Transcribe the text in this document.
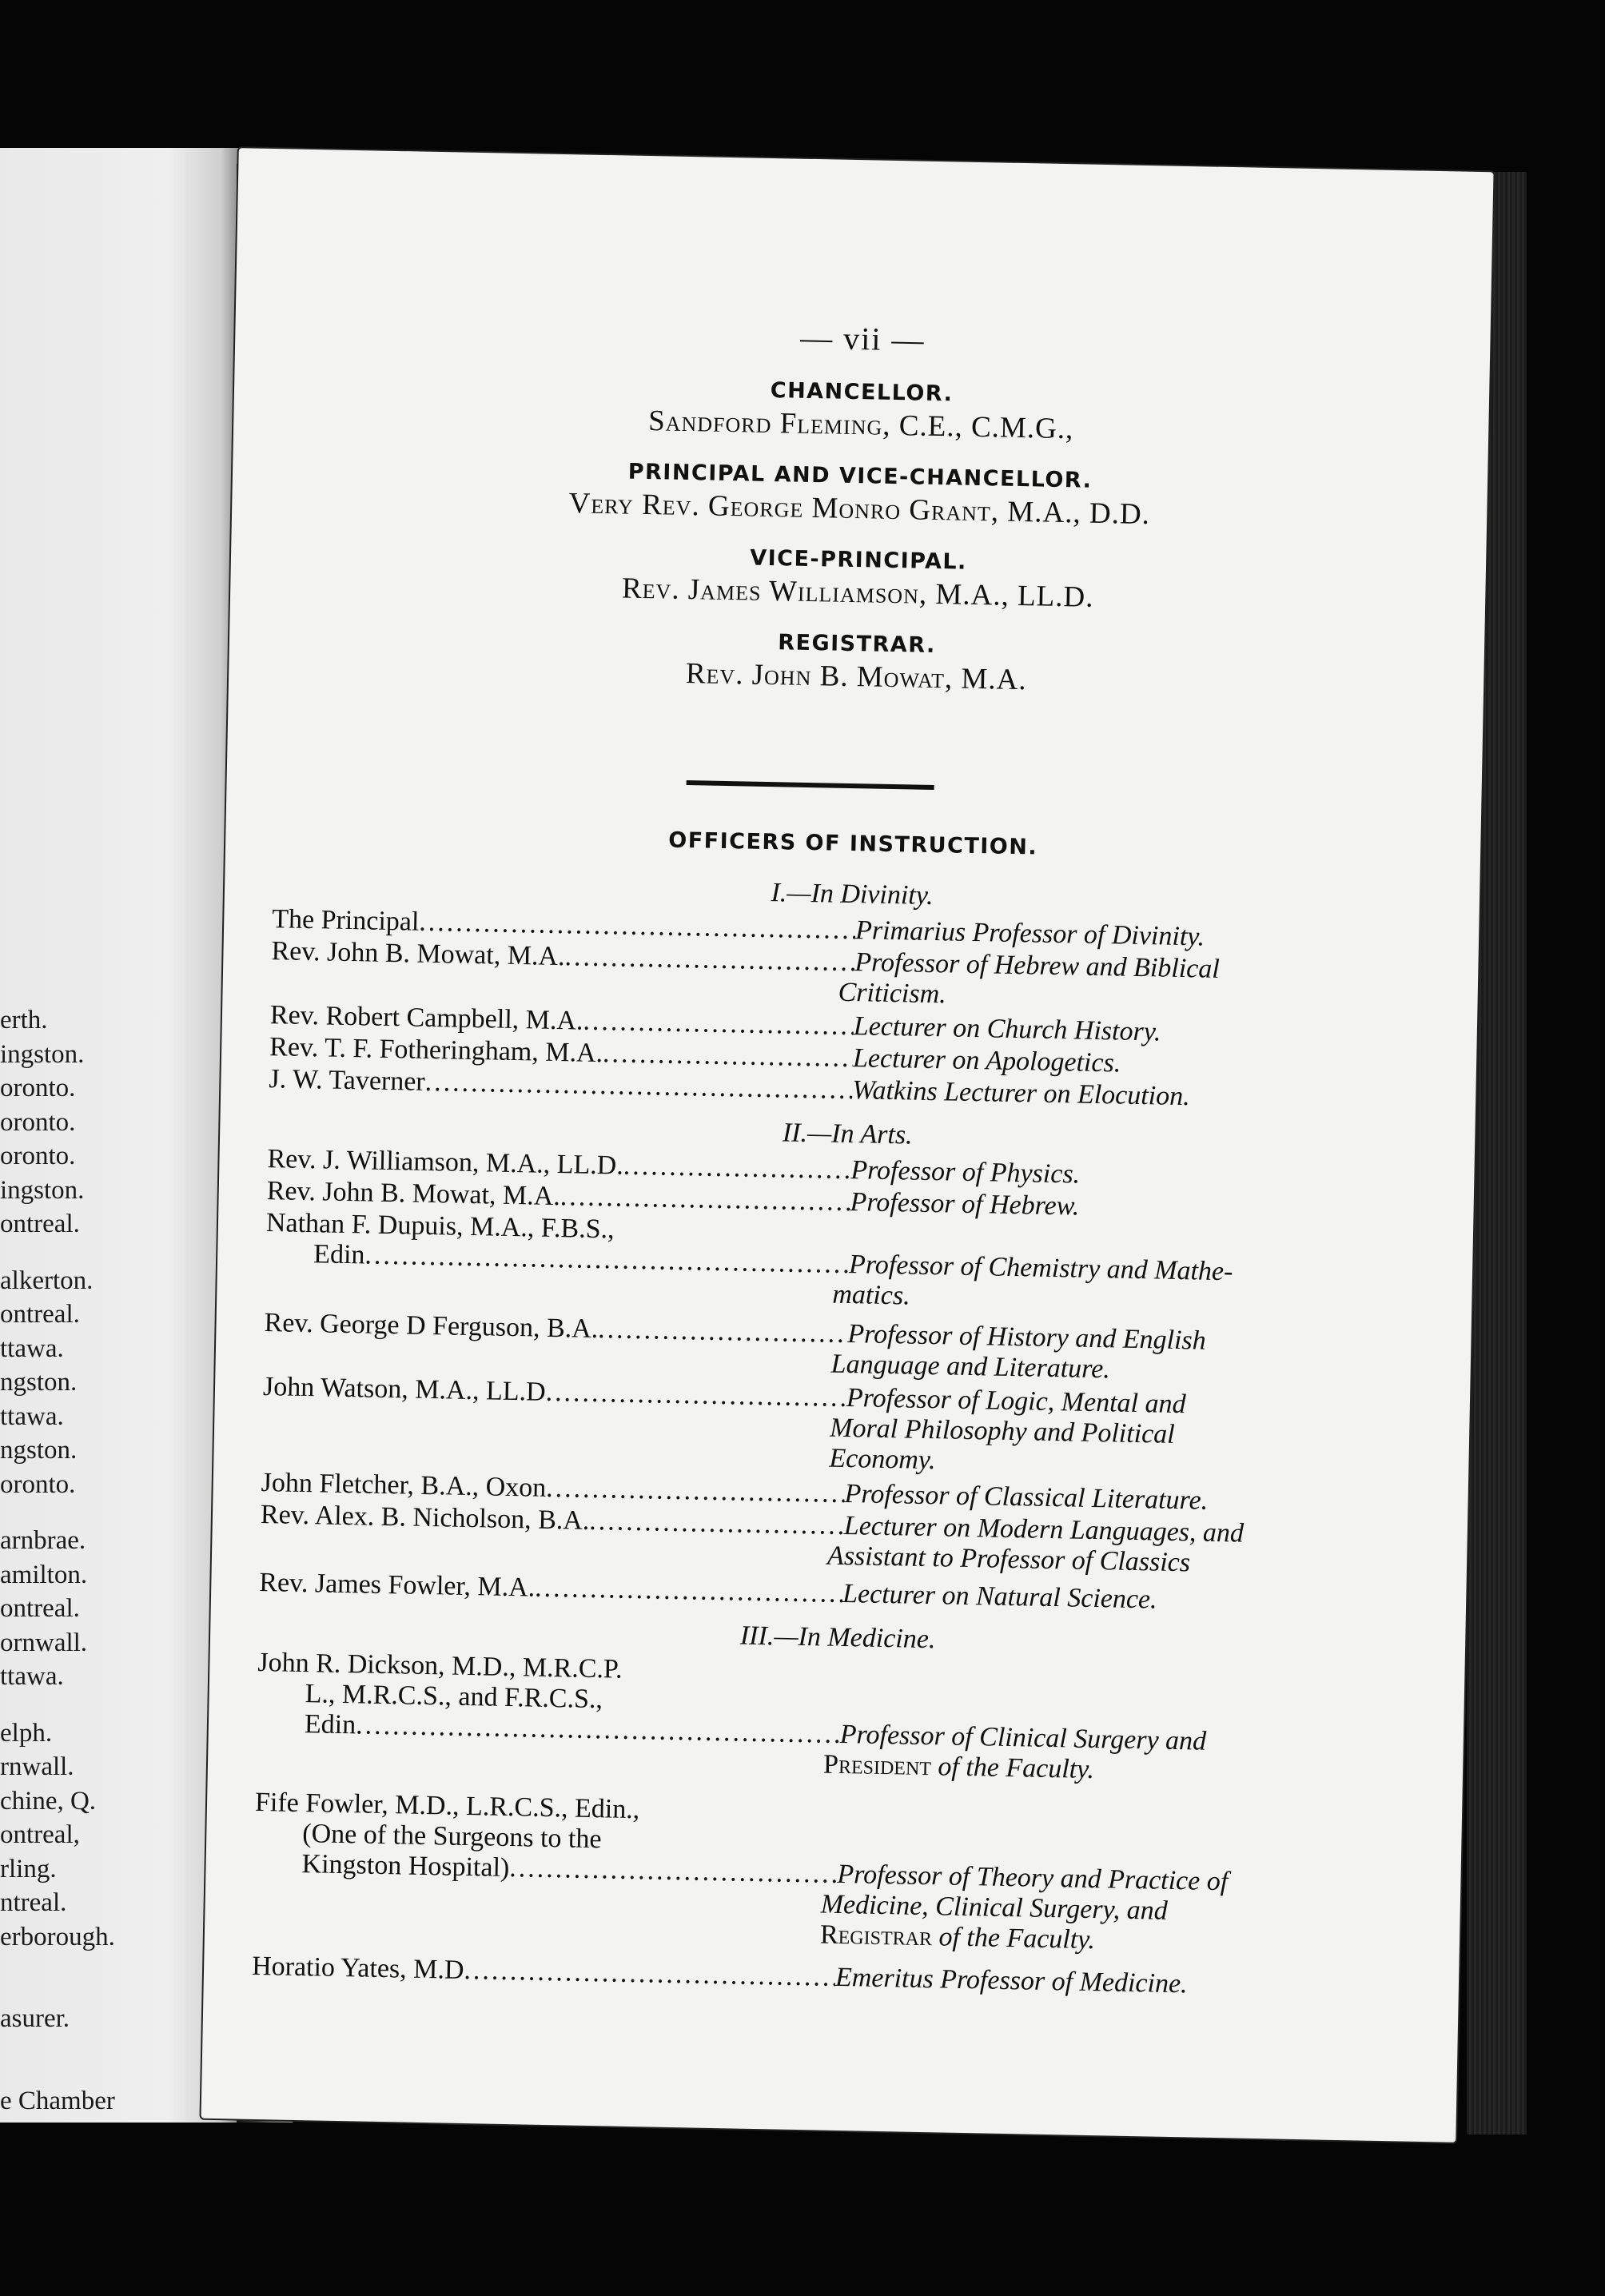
erth.
ingston.
oronto.
oronto.
oronto.
ingston.
ontreal.
alkerton.
ontreal.
ttawa.
ngston.
ttawa.
ngston.
oronto.
arnbrae.
amilton.
ontreal.
ornwall.
ttawa.
elph.
rnwall.
chine, Q.
ontreal,
rling.
ntreal.
erborough.
asurer.
e Chamber
— vii —
CHANCELLOR.
Sandford Fleming, C.E., C.M.G.,
PRINCIPAL AND VICE-CHANCELLOR.
Very Rev. George Monro Grant, M.A., D.D.
VICE-PRINCIPAL.
Rev. James Williamson, M.A., LL.D.
REGISTRAR.
Rev. John B. Mowat, M.A.
OFFICERS OF INSTRUCTION.
I.—In Divinity.
The Principal .....	Primarius Professor of Divinity.
Rev. John B. Mowat, M.A. .....	Professor of Hebrew and Biblical
Criticism.
Rev. Robert Campbell, M.A. .....	Lecturer on Church History.
Rev. T. F. Fotheringham, M.A. .....	Lecturer on Apologetics.
J. W. Taverner .....	Watkins Lecturer on Elocution.
II.—In Arts.
Rev. J. Williamson, M.A., LL.D. .....	Professor of Physics.
Rev. John B. Mowat, M.A. .....	Professor of Hebrew.
Nathan F. Dupuis, M.A., F.B.S.,
Edin .....	Professor of Chemistry and Mathe-
matics.
Rev. George D Ferguson, B.A. .....	Professor of History and English
Language and Literature.
John Watson, M.A., LL.D .....	Professor of Logic, Mental and
Moral Philosophy and Political
Economy.
John Fletcher, B.A., Oxon .....	Professor of Classical Literature.
Rev. Alex. B. Nicholson, B.A. .....	Lecturer on Modern Languages, and
Assistant to Professor of Classics
Rev. James Fowler, M.A. .....	Lecturer on Natural Science.
III.—In Medicine.
John R. Dickson, M.D., M.R.C.P.
L., M.R.C.S., and F.R.C.S.,
Edin .....	Professor of Clinical Surgery and
President of the Faculty.
Fife Fowler, M.D., L.R.C.S., Edin.,
(One of the Surgeons to the
Kingston Hospital) .....	Professor of Theory and Practice of
Medicine, Clinical Surgery, and
Registrar of the Faculty.
Horatio Yates, M.D .....	Emeritus Professor of Medicine.
